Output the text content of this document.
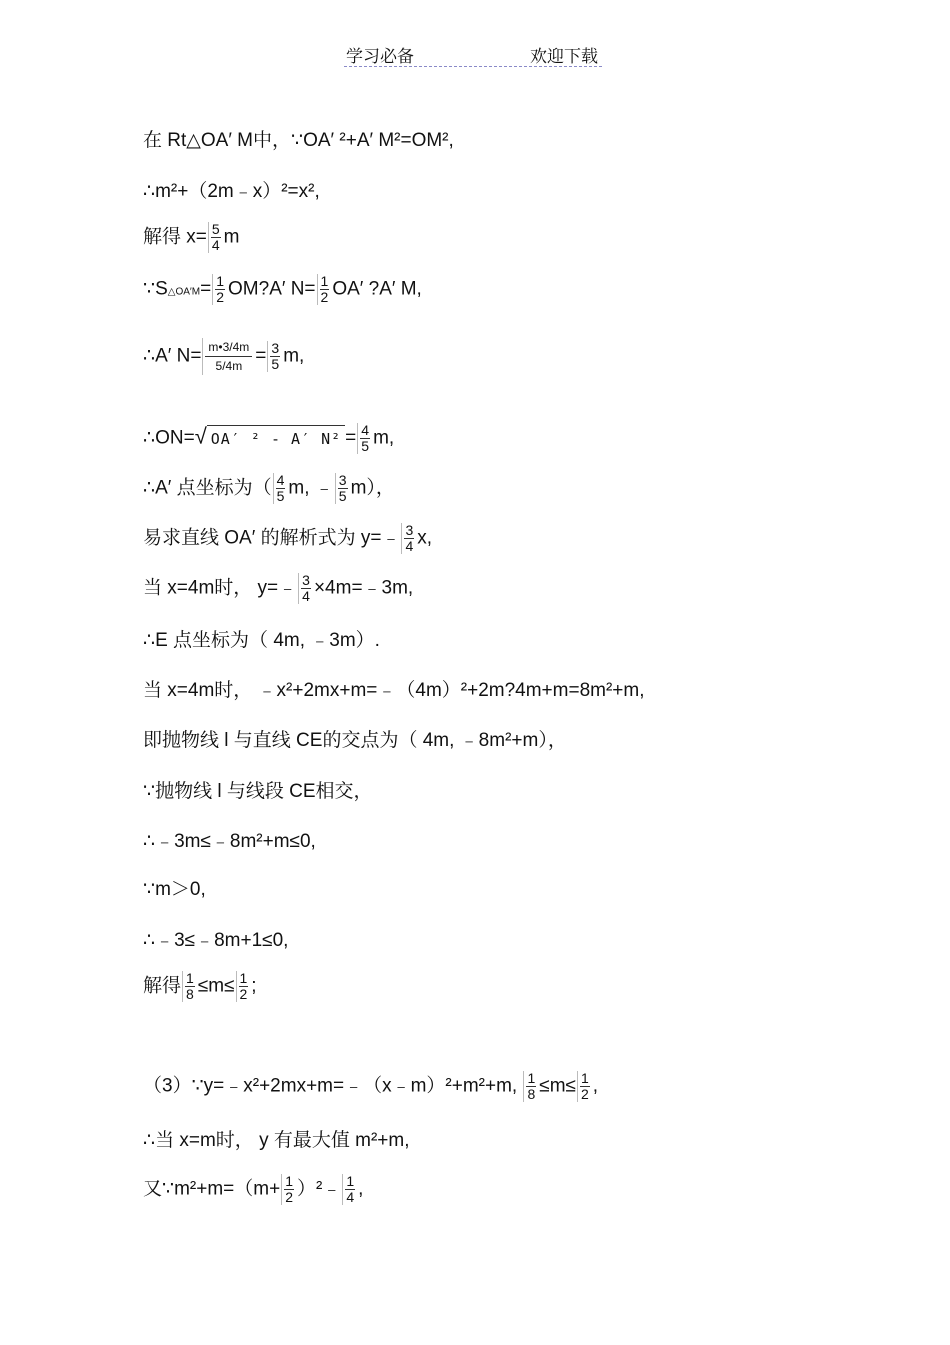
学习必备	欢迎下载
在 Rt△OA′ M中，∵OA′ ²+A′ M²=OM²,
∴m²+（2m﹣x）²=x²,
解得 $x= \frac{5}{4}$ m
∵S△OA′M= $\frac{1}{2}$ OM?A′ $N= \frac{1}{2} OA'$ ?A′ M,
∴A′ $N= \frac{m•3/4m}{5/4m} = \frac{3}{5} m$,
∴ON=√ OA′ ² - A′ $N^2 = \frac{4}{5} m$,
∴A′ 点坐标为（ $\frac{4}{5} m$, ﹣ $\frac{3}{5} m$），
易求直线 OA′ 的解析式为 y=﹣ $\frac{3}{4} x$,
当 x=4m时， y=﹣ $\frac{3}{4}$ ×4m=﹣3m,
∴E 点坐标为（ 4m, ﹣3m）.
当 x=4m时， ﹣x²+2mx+m=﹣（4m）²+2m?4m+m=8m²+m,
即抛物线 l 与直线 CE的交点为（ 4m, ﹣8m²+m），
∵抛物线 l 与线段 CE相交，
∴﹣3m≤﹣8m²+m≤0,
∵m＞0,
∴﹣3≤﹣8m+1≤0,
解得 $\frac{1}{8} \le m\le \frac{1}{2}$ ;
（3）∵y=﹣x²+2mx+m=﹣（x﹣m）²+m²+m, $\frac{1}{8} \le m\le \frac{1}{2}$ ,
∴当 x=m时， y 有最大值 m²+m,
又∵m²+m=（m+ $\frac{1}{2}$ ）²﹣ $\frac{1}{4}$ ,
